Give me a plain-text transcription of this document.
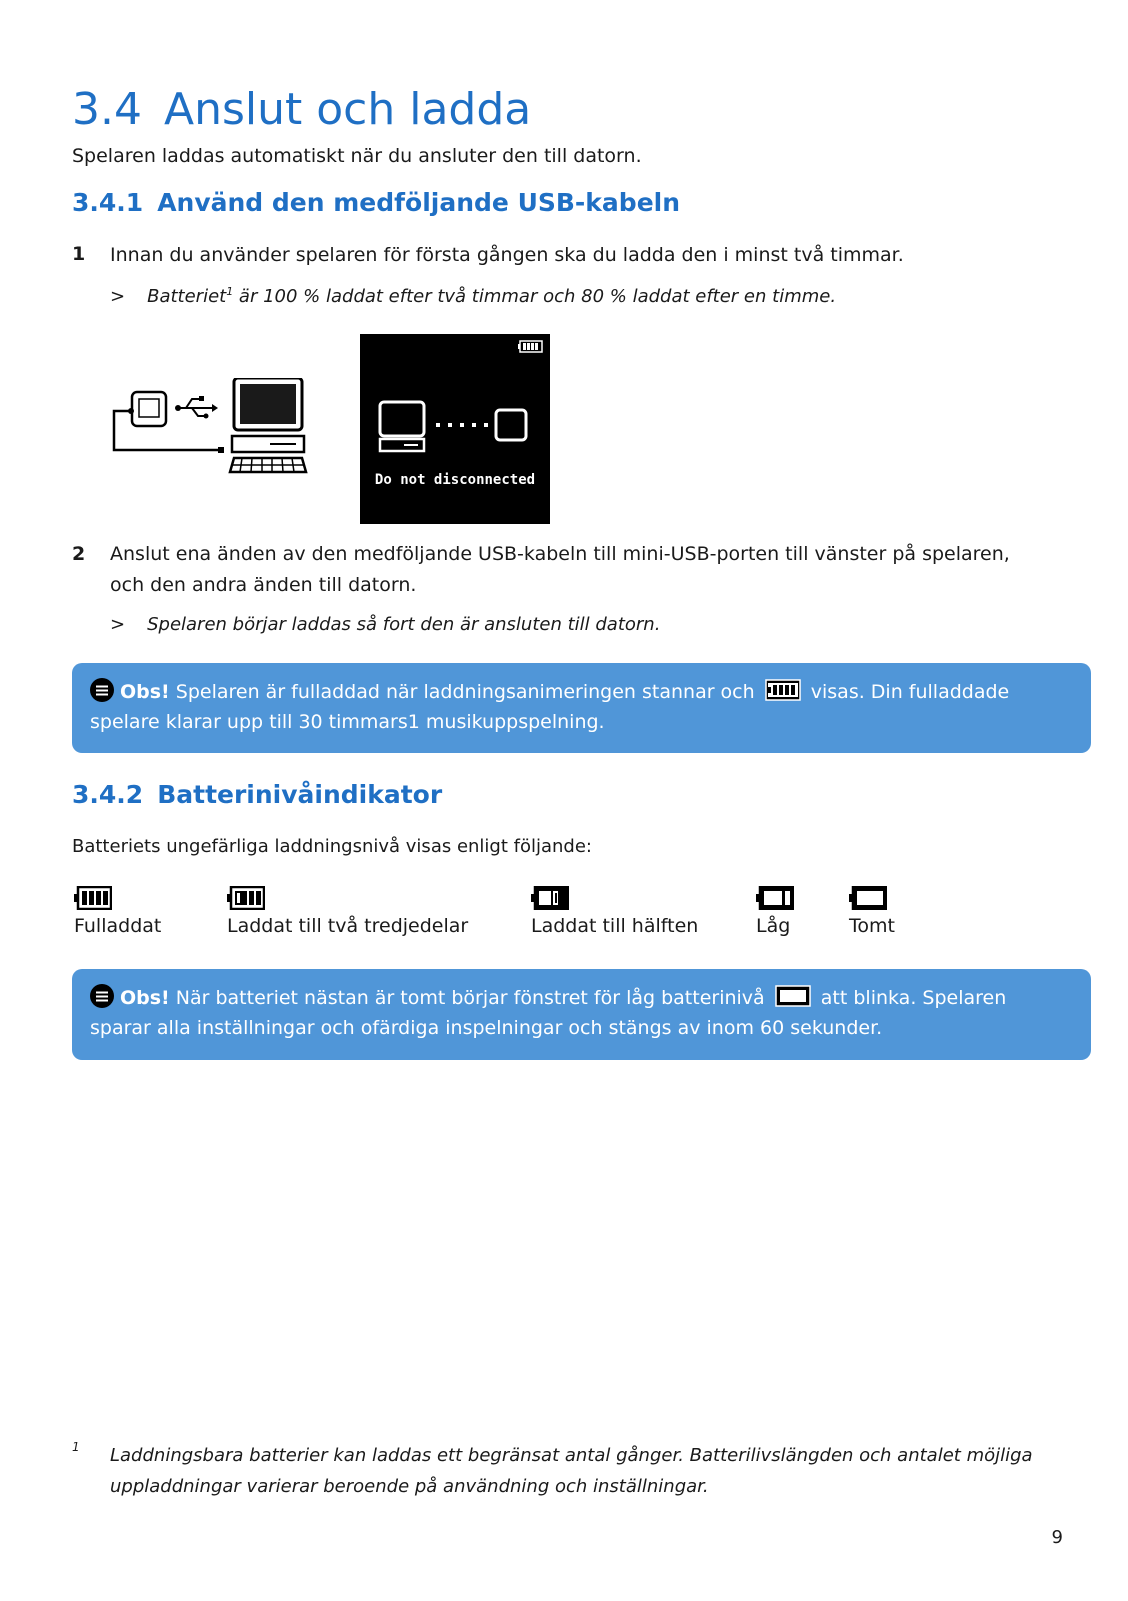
3.4 Anslut och ladda
Spelaren laddas automatiskt när du ansluter den till datorn.
3.4.1 Använd den medföljande USB-kabeln
1 Innan du använder spelaren för första gången ska du ladda den i minst två timmar.
> Batteriet$^1$ är 100 % laddat efter två timmar och 80 % laddat efter en timme.
Do not disconnected
2 Anslut ena änden av den medföljande USB-kabeln till mini-USB-porten till vänster på spelaren, och den andra änden till datorn.
> Spelaren börjar laddas så fort den är ansluten till datorn.
Obs! Spelaren är fulladdad när laddningsanimeringen stannar och  visas. Din fulladdade spelare klarar upp till 30 timmars1 musikuppspelning.
3.4.2 Batterinivåindikator
Batteriets ungefärliga laddningsnivå visas enligt följande:
Fulladdat	Laddat till två tredjedelar	Laddat till hälften	Låg	Tomt
Obs! När batteriet nästan är tomt börjar fönstret för låg batterinivå  att blinka. Spelaren sparar alla inställningar och ofärdiga inspelningar och stängs av inom 60 sekunder.
1 Laddningsbara batterier kan laddas ett begränsat antal gånger. Batterilivslängden och antalet möjliga uppladdningar varierar beroende på användning och inställningar.
9
